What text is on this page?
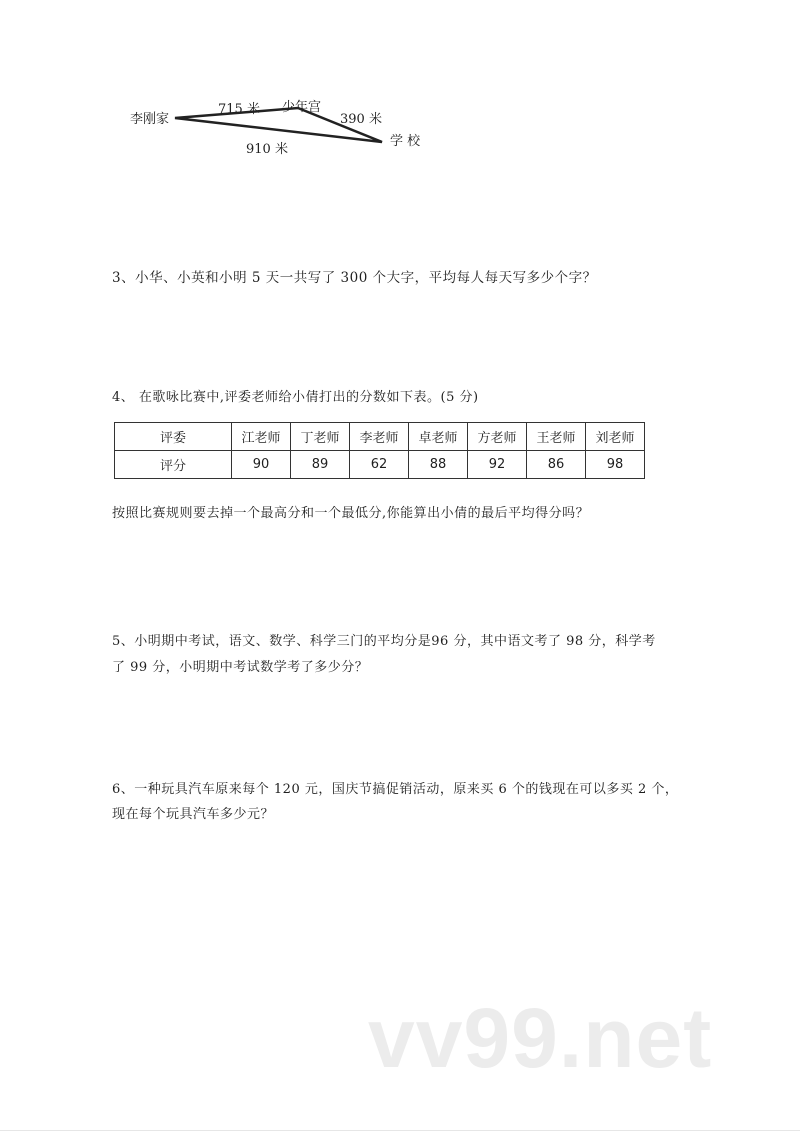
李刚家
少年宫
学 校
715 米
390 米
910 米
3、小华、小英和小明 5 天一共写了 300 个大字，平均每人每天写多少个字？
4、 在歌咏比赛中,评委老师给小倩打出的分数如下表。(5 分)
评委	江老师	丁老师	李老师	卓老师	方老师	王老师	刘老师
评分	90	89	62	88	92	86	98
按照比赛规则要去掉一个最高分和一个最低分,你能算出小倩的最后平均得分吗？
5、小明期中考试，语文、数学、科学三门的平均分是96 分，其中语文考了 98 分，科学考
了 99 分，小明期中考试数学考了多少分？
6、一种玩具汽车原来每个 120 元，国庆节搞促销活动，原来买 6 个的钱现在可以多买 2 个，
现在每个玩具汽车多少元？
vv99.net
